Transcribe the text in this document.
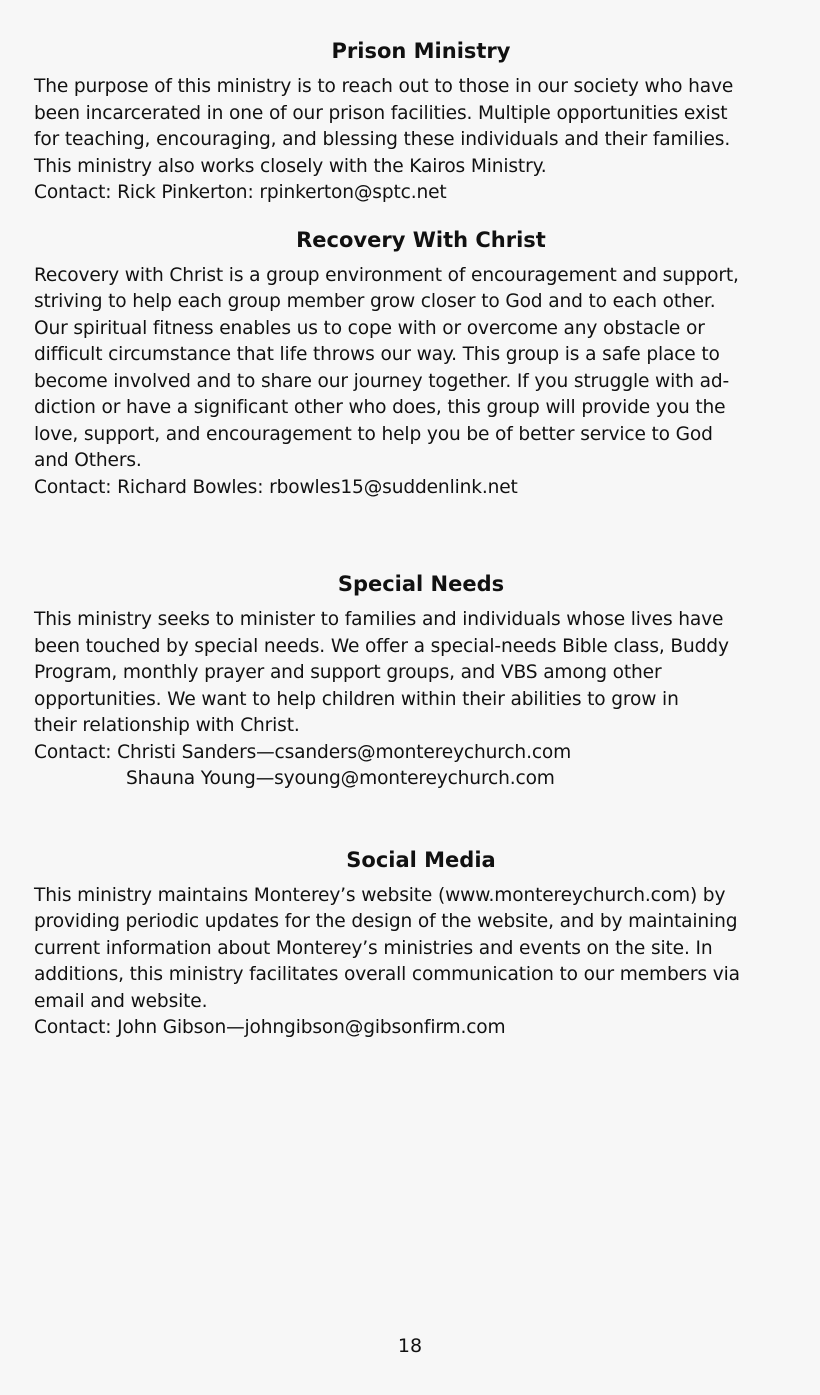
Prison Ministry
The purpose of this ministry is to reach out to those in our society who have
been incarcerated in one of our prison facilities. Multiple opportunities exist
for teaching, encouraging, and blessing these individuals and their families.
This ministry also works closely with the Kairos Ministry.
Contact: Rick Pinkerton: rpinkerton@sptc.net
Recovery With Christ
Recovery with Christ is a group environment of encouragement and support,
striving to help each group member grow closer to God and to each other.
Our spiritual fitness enables us to cope with or overcome any obstacle or
difficult circumstance that life throws our way. This group is a safe place to
become involved and to share our journey together. If you struggle with ad-
diction or have a significant other who does, this group will provide you the
love, support, and encouragement to help you be of better service to God
and Others.
Contact: Richard Bowles: rbowles15@suddenlink.net
Special Needs
This ministry seeks to minister to families and individuals whose lives have
been touched by special needs. We offer a special-needs Bible class, Buddy
Program, monthly prayer and support groups, and VBS among other
opportunities. We want to help children within their abilities to grow in
their relationship with Christ.
Contact: Christi Sanders—csanders@montereychurch.com
Shauna Young—syoung@montereychurch.com
Social Media
This ministry maintains Monterey’s website (www.montereychurch.com) by
providing periodic updates for the design of the website, and by maintaining
current information about Monterey’s ministries and events on the site. In
additions, this ministry facilitates overall communication to our members via
email and website.
Contact: John Gibson—johngibson@gibsonfirm.com
18
